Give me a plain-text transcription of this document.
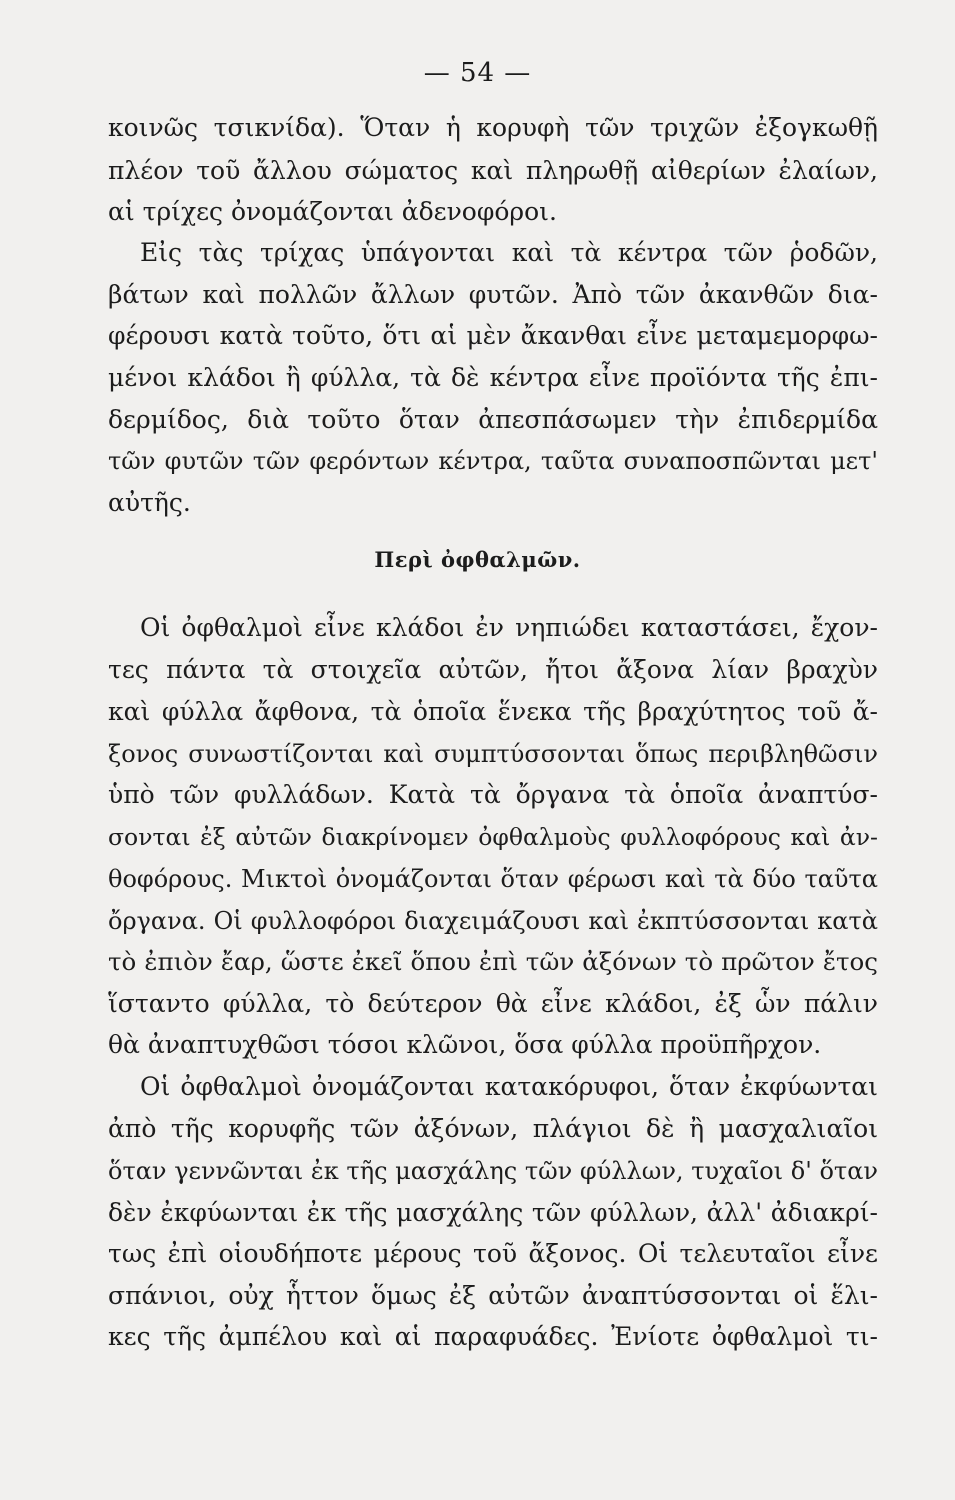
— 54 —
κοινῶς τσικνίδα). Ὅταν ἡ κορυφὴ τῶν τριχῶν ἐξογκωθῇ
πλέον τοῦ ἄλλου σώματος καὶ πληρωθῇ αἰθερίων ἐλαίων,
αἱ τρίχες ὀνομάζονται ἀδενοφόροι.
Εἰς τὰς τρίχας ὑπάγονται καὶ τὰ κέντρα τῶν ῥοδῶν,
βάτων καὶ πολλῶν ἄλλων φυτῶν. Ἀπὸ τῶν ἀκανθῶν δια-
φέρουσι κατὰ τοῦτο, ὅτι αἱ μὲν ἄκανθαι εἶνε μεταμεμορφω-
μένοι κλάδοι ἢ φύλλα, τὰ δὲ κέντρα εἶνε προϊόντα τῆς ἐπι-
δερμίδος, διὰ τοῦτο ὅταν ἀπεσπάσωμεν τὴν ἐπιδερμίδα
τῶν φυτῶν τῶν φερόντων κέντρα, ταῦτα συναποσπῶνται μετ'
αὐτῆς.
Περὶ ὀφθαλμῶν.
Οἱ ὀφθαλμοὶ εἶνε κλάδοι ἐν νηπιώδει καταστάσει, ἔχον-
τες πάντα τὰ στοιχεῖα αὐτῶν, ἤτοι ἄξονα λίαν βραχὺν
καὶ φύλλα ἄφθονα, τὰ ὁποῖα ἕνεκα τῆς βραχύτητος τοῦ ἄ-
ξονος συνωστίζονται καὶ συμπτύσσονται ὅπως περιβληθῶσιν
ὑπὸ τῶν φυλλάδων. Κατὰ τὰ ὄργανα τὰ ὁποῖα ἀναπτύσ-
σονται ἐξ αὐτῶν διακρίνομεν ὀφθαλμοὺς φυλλοφόρους καὶ ἀν-
θοφόρους. Μικτοὶ ὀνομάζονται ὅταν φέρωσι καὶ τὰ δύο ταῦτα
ὄργανα. Οἱ φυλλοφόροι διαχειμάζουσι καὶ ἐκπτύσσονται κατὰ
τὸ ἐπιὸν ἔαρ, ὥστε ἐκεῖ ὅπου ἐπὶ τῶν ἀξόνων τὸ πρῶτον ἔτος
ἵσταντο φύλλα, τὸ δεύτερον θὰ εἶνε κλάδοι, ἐξ ὧν πάλιν
θὰ ἀναπτυχθῶσι τόσοι κλῶνοι, ὅσα φύλλα προϋπῆρχον.
Οἱ ὀφθαλμοὶ ὀνομάζονται κατακόρυφοι, ὅταν ἐκφύωνται
ἀπὸ τῆς κορυφῆς τῶν ἀξόνων, πλάγιοι δὲ ἢ μασχαλιαῖοι
ὅταν γεννῶνται ἐκ τῆς μασχάλης τῶν φύλλων, τυχαῖοι δ' ὅταν
δὲν ἐκφύωνται ἐκ τῆς μασχάλης τῶν φύλλων, ἀλλ' ἀδιακρί-
τως ἐπὶ οἱουδήποτε μέρους τοῦ ἄξονος. Οἱ τελευταῖοι εἶνε
σπάνιοι, οὐχ ἧττον ὅμως ἐξ αὐτῶν ἀναπτύσσονται οἱ ἕλι-
κες τῆς ἀμπέλου καὶ αἱ παραφυάδες. Ἐνίοτε ὀφθαλμοὶ τι-
